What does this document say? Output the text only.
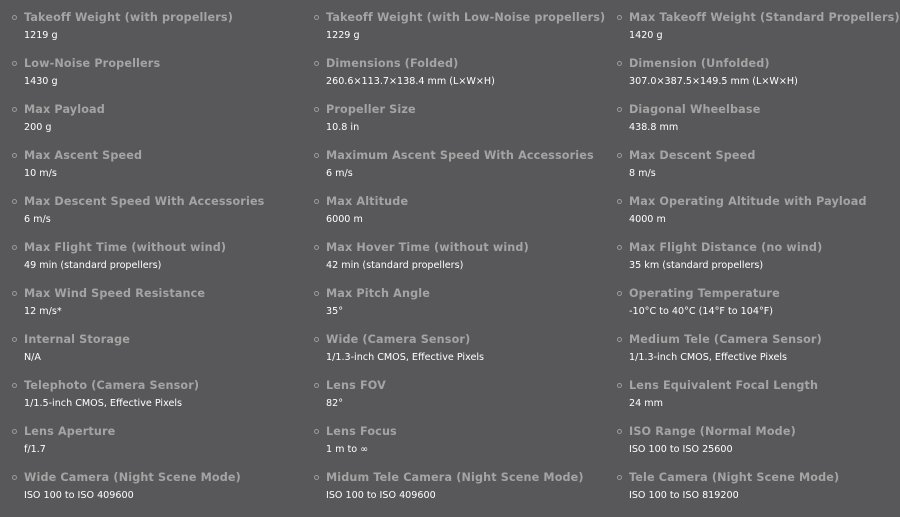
Takeoff Weight (with propellers)
1219 g
Takeoff Weight (with Low-Noise propellers)
1229 g
Max Takeoff Weight (Standard Propellers)
1420 g
Low-Noise Propellers
1430 g
Dimensions (Folded)
260.6×113.7×138.4 mm (L×W×H)
Dimension (Unfolded)
307.0×387.5×149.5 mm (L×W×H)
Max Payload
200 g
Propeller Size
10.8 in
Diagonal Wheelbase
438.8 mm
Max Ascent Speed
10 m/s
Maximum Ascent Speed With Accessories
6 m/s
Max Descent Speed
8 m/s
Max Descent Speed With Accessories
6 m/s
Max Altitude
6000 m
Max Operating Altitude with Payload
4000 m
Max Flight Time (without wind)
49 min (standard propellers)
Max Hover Time (without wind)
42 min (standard propellers)
Max Flight Distance (no wind)
35 km (standard propellers)
Max Wind Speed Resistance
12 m/s*
Max Pitch Angle
35°
Operating Temperature
-10°C to 40°C (14°F to 104°F)
Internal Storage
N/A
Wide (Camera Sensor)
1/1.3-inch CMOS, Effective Pixels
Medium Tele (Camera Sensor)
1/1.3-inch CMOS, Effective Pixels
Telephoto (Camera Sensor)
1/1.5-inch CMOS, Effective Pixels
Lens FOV
82°
Lens Equivalent Focal Length
24 mm
Lens Aperture
f/1.7
Lens Focus
1 m to ∞
ISO Range (Normal Mode)
ISO 100 to ISO 25600
Wide Camera (Night Scene Mode)
ISO 100 to ISO 409600
Midum Tele Camera (Night Scene Mode)
ISO 100 to ISO 409600
Tele Camera (Night Scene Mode)
ISO 100 to ISO 819200
